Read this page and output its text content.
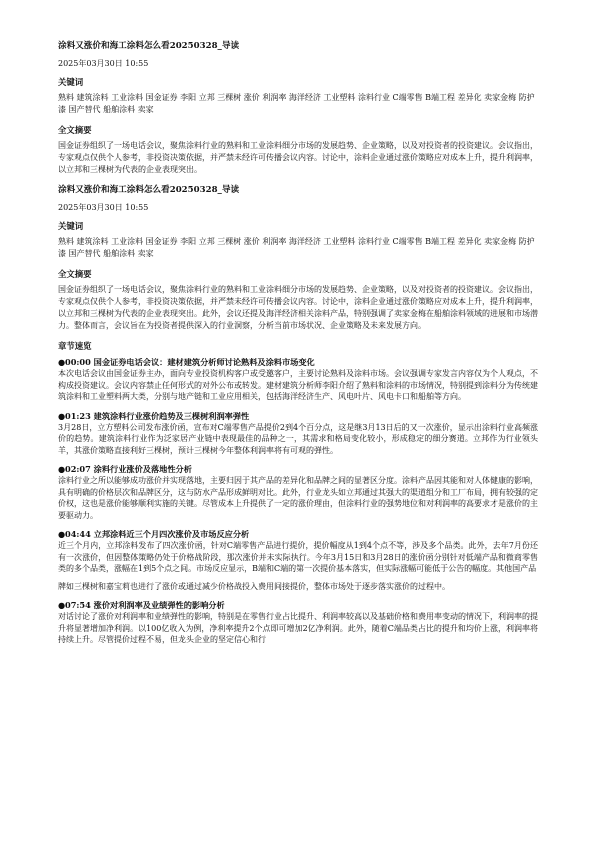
涂料又涨价和海工涂料怎么看20250328_导读
2025年03月30日 10:55
关键词
熟料 建筑涂料 工业涂料 国金证券 李阳 立邦 三棵树 涨价 利润率 海洋经济 工业塑料 涂料行业 C端零售 B端工程 差异化 卖家金梅 防护漆 国产替代 船舶涂料 卖家
全文摘要
国金证券组织了一场电话会议，聚焦涂料行业的熟料和工业涂料细分市场的发展趋势、企业策略，以及对投资者的投资建议。会议指出，专家观点仅供个人参考，非投资决策依据，并严禁未经许可传播会议内容。讨论中，涂料企业通过涨价策略应对成本上升，提升利润率，以立邦和三棵树为代表的企业表现突出。
涂料又涨价和海工涂料怎么看20250328_导读
2025年03月30日 10:55
关键词
熟料 建筑涂料 工业涂料 国金证券 李阳 立邦 三棵树 涨价 利润率 海洋经济 工业塑料 涂料行业 C端零售 B端工程 差异化 卖家金梅 防护漆 国产替代 船舶涂料 卖家
全文摘要
国金证券组织了一场电话会议，聚焦涂料行业的熟料和工业涂料细分市场的发展趋势、企业策略，以及对投资者的投资建议。会议指出，专家观点仅供个人参考，非投资决策依据，并严禁未经许可传播会议内容。讨论中，涂料企业通过涨价策略应对成本上升，提升利润率，以立邦和三棵树为代表的企业表现突出。此外，会议还提及海洋经济相关涂料产品，特别强调了卖家金梅在船舶涂料领域的进展和市场潜力。整体而言，会议旨在为投资者提供深入的行业洞察，分析当前市场状况、企业策略及未来发展方向。
章节速览
●00:00 国金证券电话会议：建材建筑分析师讨论熟料及涂料市场变化
本次电话会议由国金证券主办，面向专业投资机构客户或受邀客户，主要讨论熟料及涂料市场。会议强调专家发言内容仅为个人观点，不构成投资建议。会议内容禁止任何形式的对外公布或转发。建材建筑分析师李阳介绍了熟料和涂料的市场情况，特别提到涂料分为传统建筑涂料和工业塑料两大类，分别与地产链和工业应用相关，包括海洋经济生产、风电叶片、风电卡口和船舶等方向。
●01:23 建筑涂料行业涨价趋势及三棵树利润率弹性
3月28日，立方塑料公司发布涨价函，宣布对C端零售产品提价2到4个百分点，这是继3月13日后的又一次涨价，显示出涂料行业高频涨价的趋势。建筑涂料行业作为泛家居产业链中表现最佳的品种之一，其需求和格局变化较小，形成稳定的细分赛道。立邦作为行业领头羊，其涨价策略直接利好三棵树，预计三棵树今年整体利润率将有可观的弹性。
●02:07 涂料行业涨价及落地性分析
涂料行业之所以能够成功涨价并实现落地，主要归因于其产品的差异化和品牌之间的显著区分度。涂料产品因其能和对人体健康的影响，具有明确的价格层次和品牌区分，这与防水产品形成鲜明对比。此外，行业龙头如立邦通过其强大的渠道组分和工厂布局，拥有较强的定价权，这也是涨价能够顺利实施的关键。尽管成本上升提供了一定的涨价理由，但涂料行业的强势地位和对利润率的高要求才是涨价的主要驱动力。
●04:44 立邦涂料近三个月四次涨价及市场反应分析
近三个月内，立邦涂料发布了四次涨价函，针对C端零售产品进行提价，提价幅度从1到4个点不等，涉及多个品类。此外，去年7月份还有一次涨价，但因整体策略仍处于价格战阶段，那次涨价并未实际执行。今年3月15日和3月28日的涨价函分别针对低端产品和微商零售类的多个品类，涨幅在1到5个点之间。市场反应显示，B端和C端的第一次提价基本落实，但实际涨幅可能低于公告的幅度。其他国产品
牌如三棵树和嘉宝莉也进行了涨价或通过减少价格战投入费用间接提价，整体市场处于逐步落实涨价的过程中。
●07:54 涨价对利润率及业绩弹性的影响分析
对话讨论了涨价对利润率和业绩弹性的影响，特别是在零售行业占比提升、利润率较高以及基础价格和费用率变动的情况下，利润率的提升将显著增加净利润。以100亿收入为例，净利率提升2个点即可增加2亿净利润。此外，随着C端品类占比的提升和均价上涨，利润率将持续上升。尽管提价过程不易，但龙头企业的坚定信心和行
